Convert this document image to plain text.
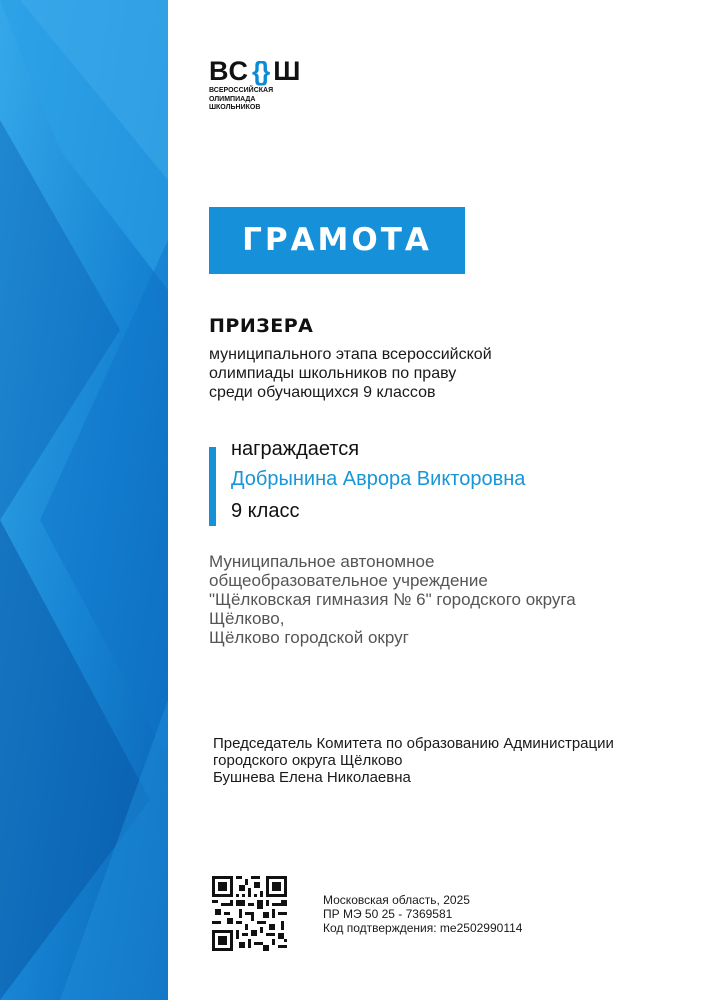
ВС {} Ш
ВСЕРОССИЙСКАЯ
ОЛИМПИАДА
ШКОЛЬНИКОВ
ГРАМОТА
ПРИЗЕРА
муниципального этапа всероссийской
олимпиады школьников по праву
среди обучающихся 9 классов
награждается
Добрынина Аврора Викторовна
9 класс
Муниципальное автономное
общеобразовательное учреждение
"Щёлковская гимназия № 6" городского округа
Щёлково,
Щёлково городской округ
Председатель Комитета по образованию Администрации
городского округа Щёлково
Бушнева Елена Николаевна
Московская область, 2025
ПР МЭ 50 25 - 7369581
Код подтверждения: me2502990114
